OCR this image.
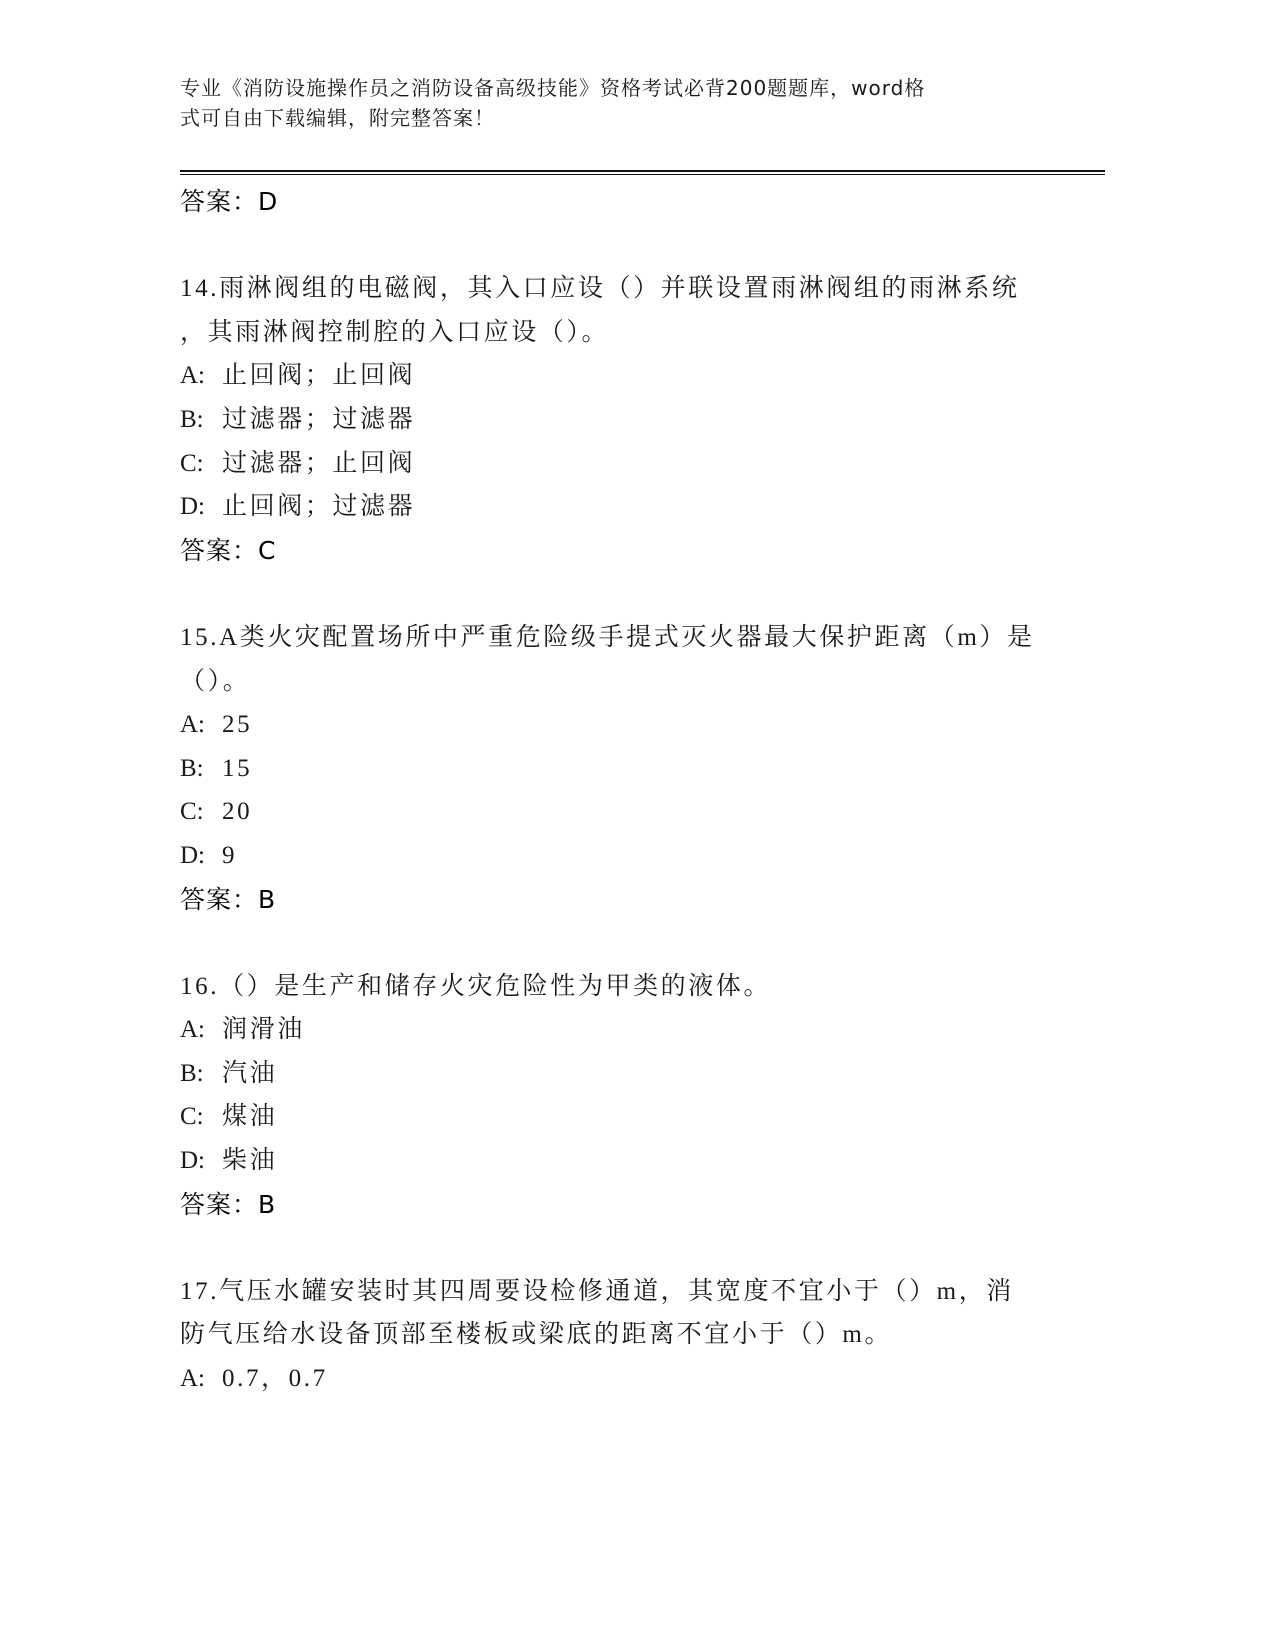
专业《消防设施操作员之消防设备高级技能》资格考试必背200题题库，word格
式可自由下载编辑，附完整答案！
答案：D
14.雨淋阀组的电磁阀，其入口应设（）并联设置雨淋阀组的雨淋系统
，其雨淋阀控制腔的入口应设（）。
A: 止回阀；止回阀
B: 过滤器；过滤器
C: 过滤器；止回阀
D: 止回阀；过滤器
答案：C
15.A类火灾配置场所中严重危险级手提式灭火器最大保护距离（m）是
（）。
A: 25
B: 15
C: 20
D: 9
答案：B
16.（）是生产和储存火灾危险性为甲类的液体。
A: 润滑油
B: 汽油
C: 煤油
D: 柴油
答案：B
17.气压水罐安装时其四周要设检修通道，其宽度不宜小于（）m，消
防气压给水设备顶部至楼板或梁底的距离不宜小于（）m。
A: 0.7，0.7
